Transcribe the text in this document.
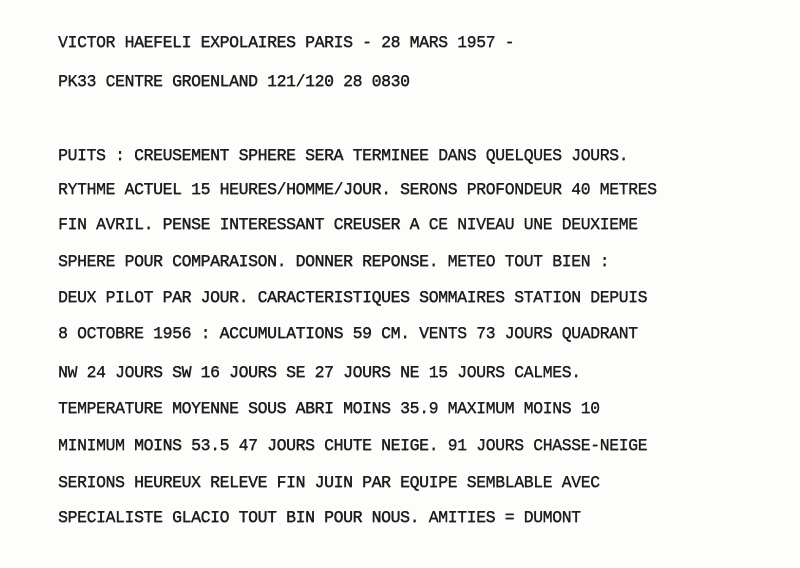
VICTOR HAEFELI EXPOLAIRES PARIS - 28 MARS 1957 -
PK33 CENTRE GROENLAND 121/120 28 0830
PUITS : CREUSEMENT SPHERE SERA TERMINEE DANS QUELQUES JOURS.
RYTHME ACTUEL 15 HEURES/HOMME/JOUR. SERONS PROFONDEUR 40 METRES
FIN AVRIL. PENSE INTERESSANT CREUSER A CE NIVEAU UNE DEUXIEME
SPHERE POUR COMPARAISON. DONNER REPONSE. METEO TOUT BIEN :
DEUX PILOT PAR JOUR. CARACTERISTIQUES SOMMAIRES STATION DEPUIS
8 OCTOBRE 1956 : ACCUMULATIONS 59 CM. VENTS 73 JOURS QUADRANT
NW 24 JOURS SW 16 JOURS SE 27 JOURS NE 15 JOURS CALMES.
TEMPERATURE MOYENNE SOUS ABRI MOINS 35.9 MAXIMUM MOINS 10
MINIMUM MOINS 53.5 47 JOURS CHUTE NEIGE. 91 JOURS CHASSE-NEIGE
SERIONS HEUREUX RELEVE FIN JUIN PAR EQUIPE SEMBLABLE AVEC
SPECIALISTE GLACIO TOUT BIN POUR NOUS. AMITIES = DUMONT
